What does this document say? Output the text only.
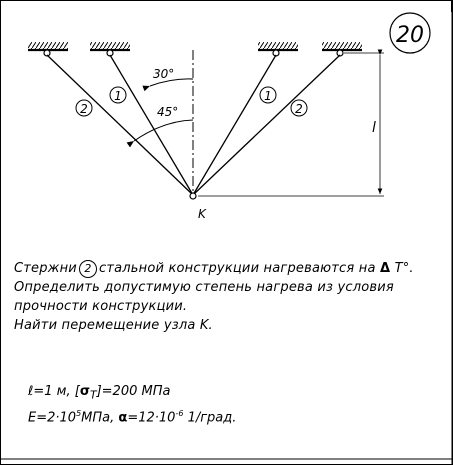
20
30°
45°
2
1	1
2
K
l
Стержни 2 стальной конструкции нагреваются на Δ T°.
Определить допустимую степень нагрева из условия
прочности конструкции.
Найти перемещение узла K.
ℓ=1 м, $[\sigma_T]=200$ МПа
$E=2\cdot 10^5МПа$, $\alpha=12\cdot 10^{-6}$ 1/град.
